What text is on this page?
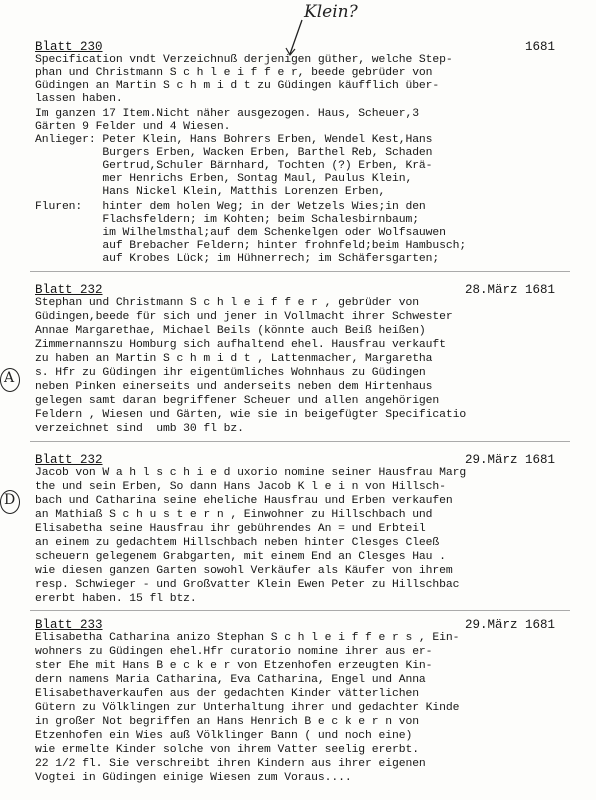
Klein?
Blatt 230	1681
Specification vndt Verzeichnuß derjenigen güther, welche Step-
phan und Christmann S c h l e i f f e r, beede gebrüder von
Güdingen an Martin S c h m i d t zu Güdingen käufflich über-
lassen haben.
Im ganzen 17 Item.Nicht näher ausgezogen. Haus, Scheuer,3
Gärten 9 Felder und 4 Wiesen.
Anlieger: Peter Klein, Hans Bohrers Erben, Wendel Kest,Hans
Burgers Erben, Wacken Erben, Barthel Reb, Schaden
Gertrud,Schuler Bärnhard, Tochten (?) Erben, Krä-
mer Henrichs Erben, Sontag Maul, Paulus Klein,
Hans Nickel Klein, Matthis Lorenzen Erben,
Fluren:   hinter dem holen Weg; in der Wetzels Wies;in den
Flachsfeldern; im Kohten; beim Schalesbirnbaum;
im Wilhelmsthal;auf dem Schenkelgen oder Wolfsauwen
auf Brebacher Feldern; hinter frohnfeld;beim Hambusch;
auf Krobes Lück; im Hühnerrech; im Schäfersgarten;
Blatt 232	28.März 1681
Stephan und Christmann S c h l e i f f e r , gebrüder von
Güdingen,beede für sich und jener in Vollmacht ihrer Schwester
Annae Margarethae, Michael Beils (könnte auch Beiß heißen)
Zimmernannszu Homburg sich aufhaltend ehel. Hausfrau verkauft
zu haben an Martin S c h m i d t , Lattenmacher, Margaretha
s. Hfr zu Güdingen ihr eigentümliches Wohnhaus zu Güdingen
neben Pinken einerseits und anderseits neben dem Hirtenhaus
gelegen samt daran begriffener Scheuer und allen angehörigen
Feldern , Wiesen und Gärten, wie sie in beigefügter Specificatio
verzeichnet sind  umb 30 fl bz.
A
Blatt 232	29.März 1681
Jacob von W a h l s c h i e d uxorio nomine seiner Hausfrau Marg
the und sein Erben, So dann Hans Jacob K l e i n von Hillsch-
bach und Catharina seine eheliche Hausfrau und Erben verkaufen
an Mathiaß S c h u s t e r n , Einwohner zu Hillschbach und
Elisabetha seine Hausfrau ihr gebührendes An = und Erbteil
an einem zu gedachtem Hillschbach neben hinter Clesges Cleeß
scheuern gelegenem Grabgarten, mit einem End an Clesges Hau .
wie diesen ganzen Garten sowohl Verkäufer als Käufer von ihrem
resp. Schwieger - und Großvatter Klein Ewen Peter zu Hillschbac
ererbt haben. 15 fl btz.
D
Blatt 233	29.März 1681
Elisabetha Catharina anizo Stephan S c h l e i f f e r s , Ein-
wohners zu Güdingen ehel.Hfr curatorio nomine ihrer aus er-
ster Ehe mit Hans B e c k e r von Etzenhofen erzeugten Kin-
dern namens Maria Catharina, Eva Catharina, Engel und Anna
Elisabethaverkaufen aus der gedachten Kinder vätterlichen
Gütern zu Völklingen zur Unterhaltung ihrer und gedachter Kinde
in großer Not begriffen an Hans Henrich B e c k e r n von
Etzenhofen ein Wies auß Völklinger Bann ( und noch eine)
wie ermelte Kinder solche von ihrem Vatter seelig ererbt.
22 1/2 fl. Sie verschreibt ihren Kindern aus ihrer eigenen
Vogtei in Güdingen einige Wiesen zum Voraus....
